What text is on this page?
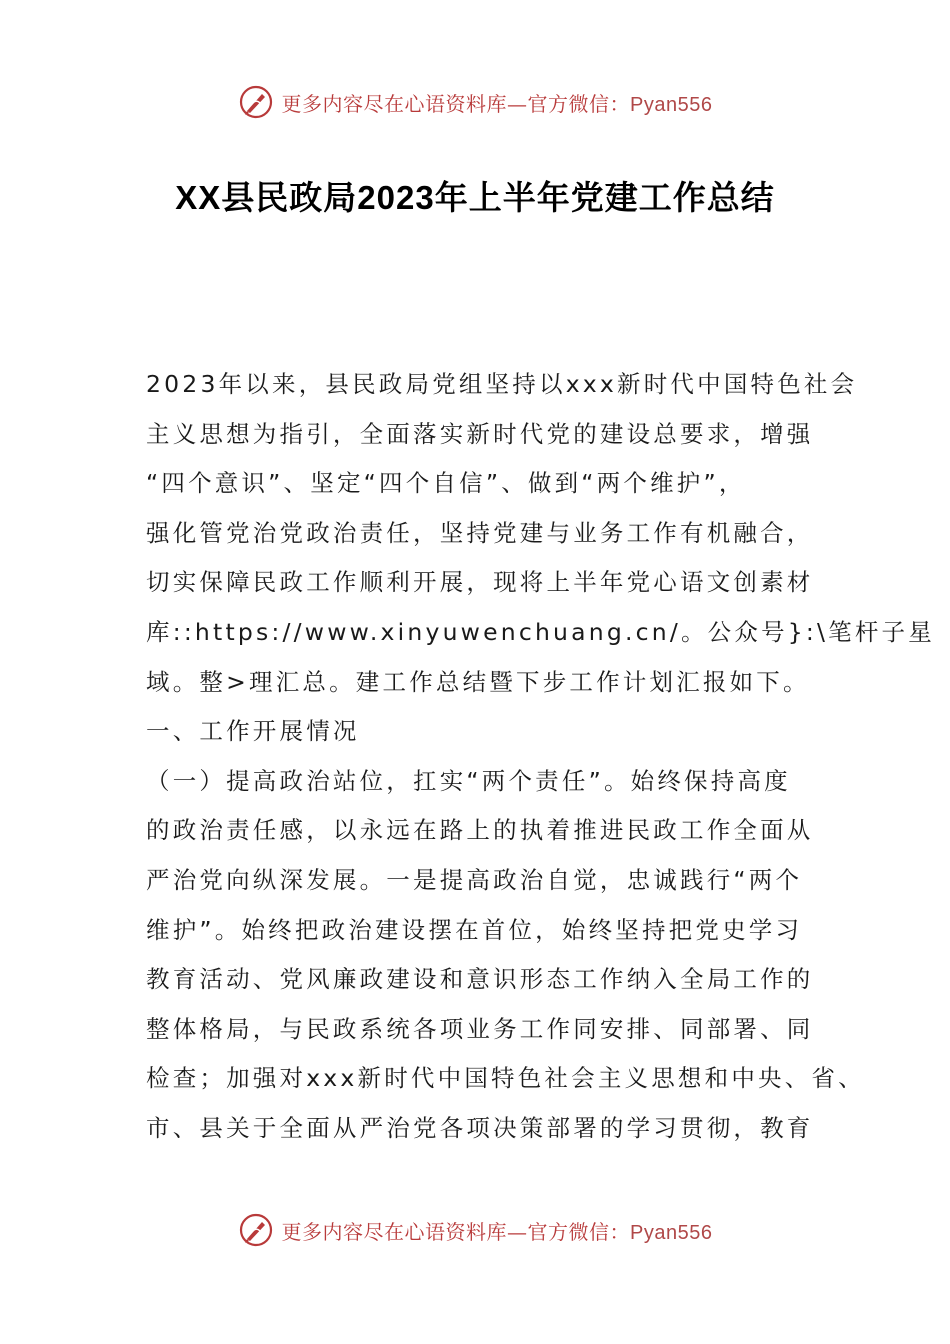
更多内容尽在心语资料库—官方微信：Pyan556
XX县民政局2023年上半年党建工作总结
2023年以来，县民政局党组坚持以xxx新时代中国特色社会
主义思想为指引，全面落实新时代党的建设总要求，增强
“四个意识”、坚定“四个自信”、做到“两个维护”，
强化管党治党政治责任，坚持党建与业务工作有机融合，
切实保障民政工作顺利开展，现将上半年党心语文创素材
库::https://www.xinyuwenchuang.cn/。公众号}:\笔杆子星
域。整>理汇总。建工作总结暨下步工作计划汇报如下。
一、工作开展情况
（一）提高政治站位，扛实“两个责任”。始终保持高度
的政治责任感，以永远在路上的执着推进民政工作全面从
严治党向纵深发展。一是提高政治自觉，忠诚践行“两个
维护”。始终把政治建设摆在首位，始终坚持把党史学习
教育活动、党风廉政建设和意识形态工作纳入全局工作的
整体格局，与民政系统各项业务工作同安排、同部署、同
检查；加强对xxx新时代中国特色社会主义思想和中央、省、
市、县关于全面从严治党各项决策部署的学习贯彻，教育
更多内容尽在心语资料库—官方微信：Pyan556
